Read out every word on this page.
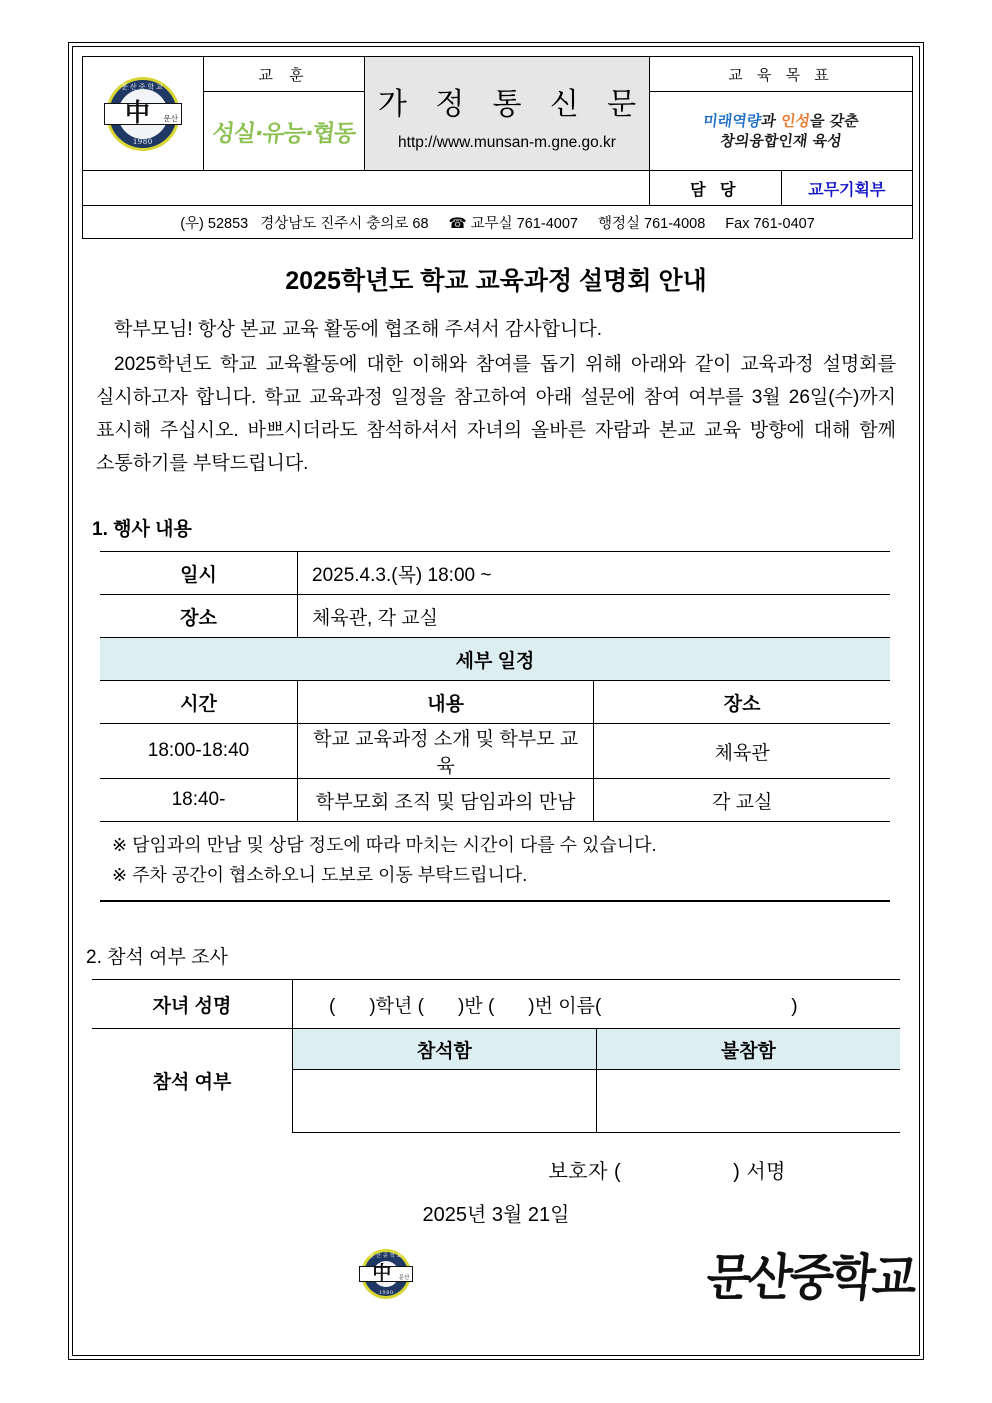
문산중학교
1980
中 문산
	교 훈	
가 정 통 신 문
http://www.munsan-m.gne.go.kr
	교 육 목 표

	성실·유능·협동		미래역량과 인성을 갖춘
창의융합인재 육성	

			담 당	교무기획부

(우) 52853 경상남도 진주시 충의로 68 ☎ 교무실 761-4007 행정실 761-4008 Fax 761-0407				
2025학년도 학교 교육과정 설명회 안내

학부모님! 항상 본교 교육 활동에 협조해 주셔서 감사합니다.

2025학년도 학교 교육활동에 대한 이해와 참여를 돕기 위해 아래와 같이 교육과정 설명회를 실시하고자 합니다. 학교 교육과정 일정을 참고하여 아래 설문에 참여 여부를 3월 26일(수)까지 표시해 주십시오. 바쁘시더라도 참석하셔서 자녀의 올바른 자람과 본교 교육 방향에 대해 함께 소통하기를 부탁드립니다.

1. 행사 내용
일시	2025.4.3.(목) 18:00 ~	
장소	체육관, 각 교실	
세부 일정		
시간	내용	장소
18:00-18:40	학교 교육과정 소개 및 학부모 교육	체육관
18:40-	학부모회 조직 및 담임과의 만남	각 교실

※ 담임과의 만남 및 상담 정도에 따라 마치는 시간이 다를 수 있습니다.
※ 주차 공간이 협소하오니 도보로 이동 부탁드립니다.		
2. 참석 여부 조사
자녀 성명	( )학년 ( )반 ( )번 이름( )	
참석 여부	참석함	불참함

보호자 (	) 서명
2025년 3월 21일
문산중학교
1980
中 문산	문산중학교
